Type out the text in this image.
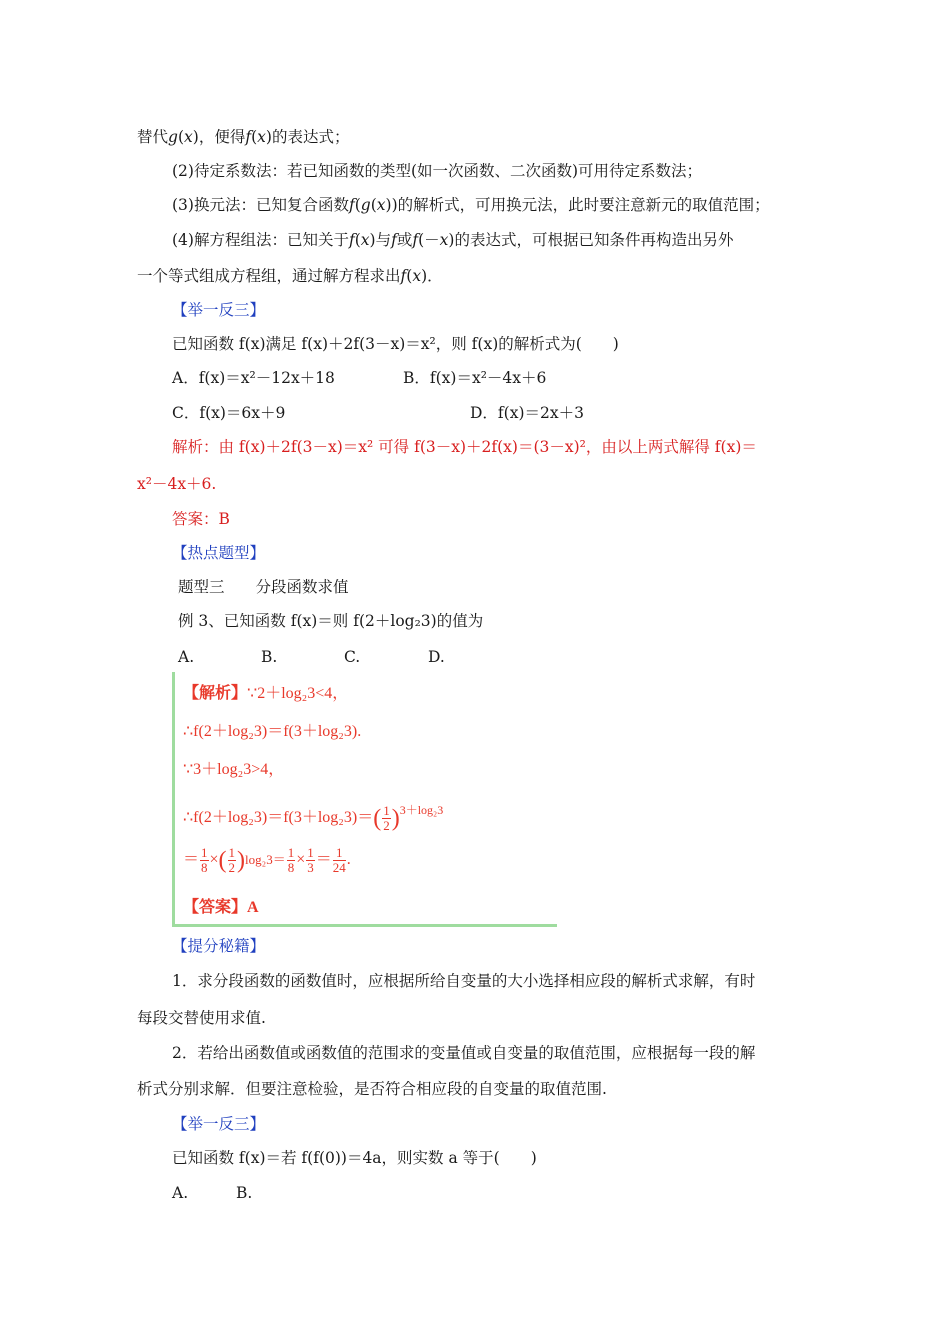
替代g(x)，便得f(x)的表达式；
(2)待定系数法：若已知函数的类型(如一次函数、二次函数)可用待定系数法；
(3)换元法：已知复合函数f(g(x))的解析式，可用换元法，此时要注意新元的取值范围；
(4)解方程组法：已知关于f(x)与f或f(－x)的表达式，可根据已知条件再构造出另外
一个等式组成方程组，通过解方程求出f(x)．
【举一反三】
已知函数 f(x)满足 f(x)＋2f(3－x)＝x²，则 f(x)的解析式为(　　)
A．f(x)＝x²－12x＋18	B．f(x)＝x²－4x＋6
C．f(x)＝6x＋9	D．f(x)＝2x＋3
解析：由 f(x)＋2f(3－x)＝x² 可得 f(3－x)＋2f(x)＝(3－x)²，由以上两式解得 f(x)＝
x²－4x＋6.
答案：B
【热点题型】
题型三　　分段函数求值
例 3、已知函数 f(x)＝则 f(2＋log₂3)的值为
A.	B.	C.	D.
【解析】∵2＋log₂3<4，
∴f(2＋log₂3)＝f(3＋log₂3).
∵3＋log₂3>4，
∴f(2＋log₂3)＝f(3＋log₂3)＝( $\frac{1}{2} )^{3+log_23}$
＝ $\frac{1}{8}$ ×( $\frac{1}{2} )\log_23= \frac{1}{8} \times \frac{1}{3} = \frac{1}{24}$ .
【答案】A
【提分秘籍】
1．求分段函数的函数值时，应根据所给自变量的大小选择相应段的解析式求解，有时
每段交替使用求值.
2．若给出函数值或函数值的范围求的变量值或自变量的取值范围，应根据每一段的解
析式分别求解．但要注意检验，是否符合相应段的自变量的取值范围.
【举一反三】
已知函数 f(x)＝若 f(f(0))＝4a，则实数 a 等于(　　)
A.	B.
